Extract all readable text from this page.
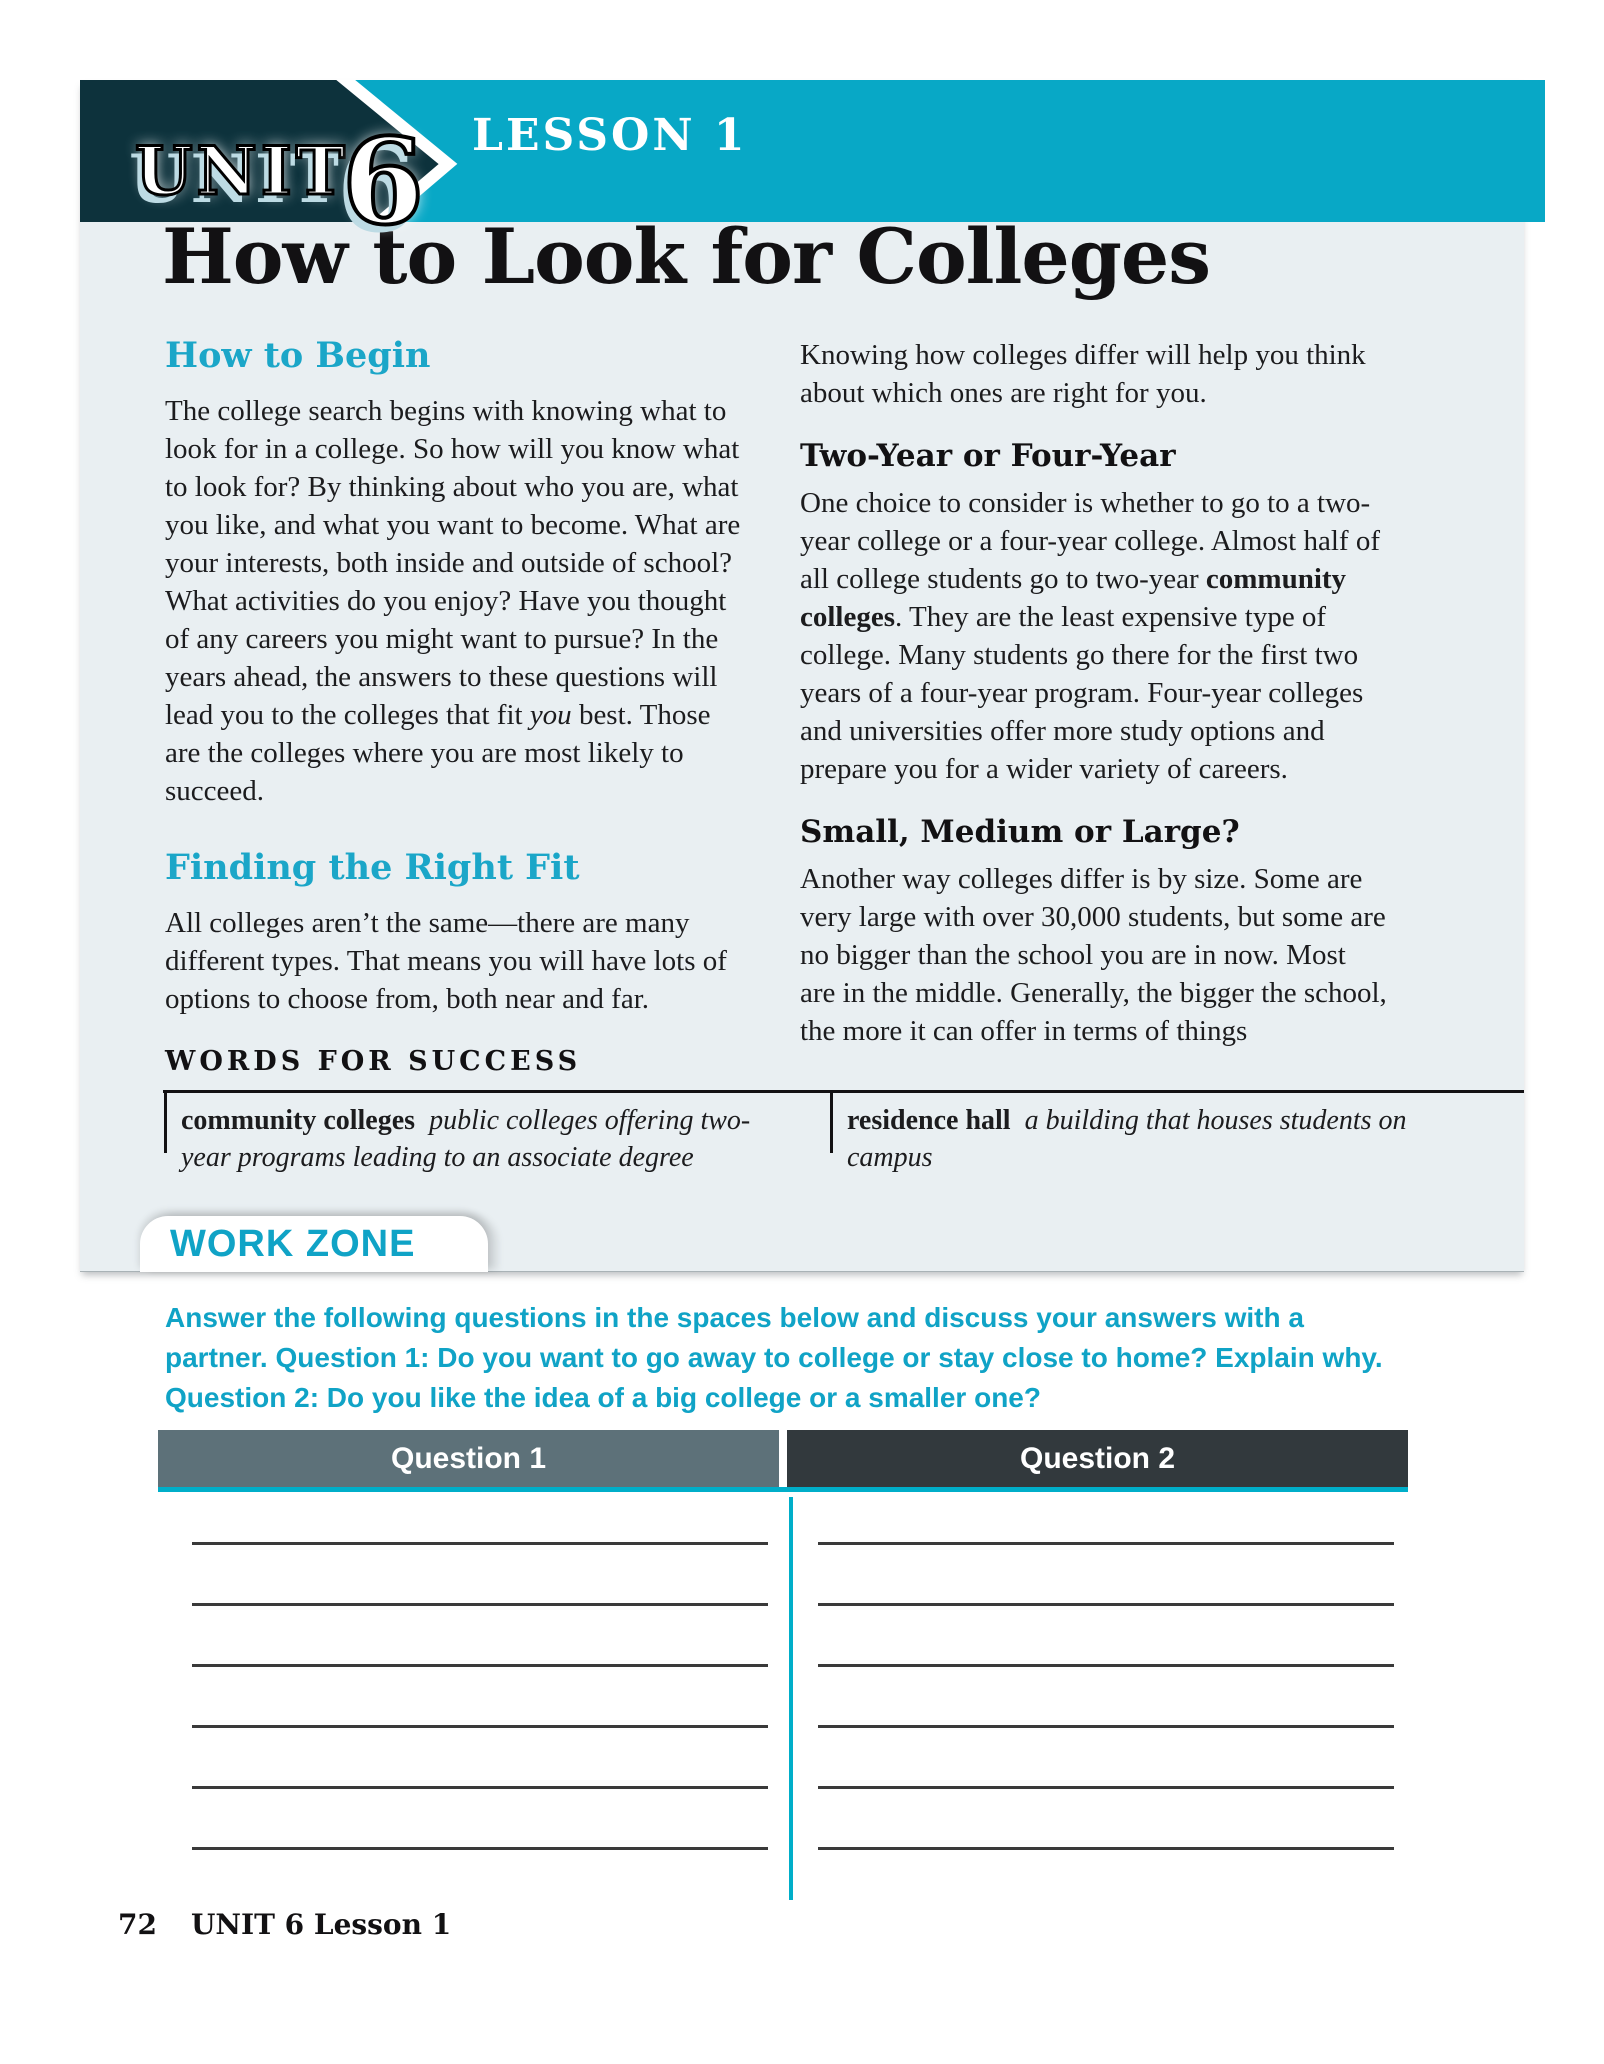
LESSON 1
UNIT
6
How to Look for Colleges
How to Begin

The college search begins with knowing what to look for in a college. So how will you know what to look for? By thinking about who you are, what you like, and what you want to become. What are your interests, both inside and outside of school? What activities do you enjoy? Have you thought of any careers you might want to pursue? In the years ahead, the answers to these questions will lead you to the colleges that fit you best. Those are the colleges where you are most likely to succeed.

Finding the Right Fit

All colleges aren’t the same—there are many different types. That means you will have lots of options to choose from, both near and far.

Knowing how colleges differ will help you think about which ones are right for you.

Two-Year or Four-Year

One choice to consider is whether to go to a two-year college or a four-year college. Almost half of all college students go to two-year community colleges. They are the least expensive type of college. Many students go there for the first two years of a four-year program. Four-year colleges and universities offer more study options and prepare you for a wider variety of careers.

Small, Medium or Large?

Another way colleges differ is by size. Some are very large with over 30,000 students, but some are no bigger than the school you are in now. Most are in the middle. Generally, the bigger the school, the more it can offer in terms of things

WORDS FOR SUCCESS
community colleges public colleges offering two-year programs leading to an associate degree
residence hall a building that houses students on campus
WORK ZONE
Answer the following questions in the spaces below and discuss your answers with a
partner. Question 1: Do you want to go away to college or stay close to home? Explain why.
Question 2: Do you like the idea of a big college or a smaller one?
Question 1	Question 2
72 UNIT 6 Lesson 1
